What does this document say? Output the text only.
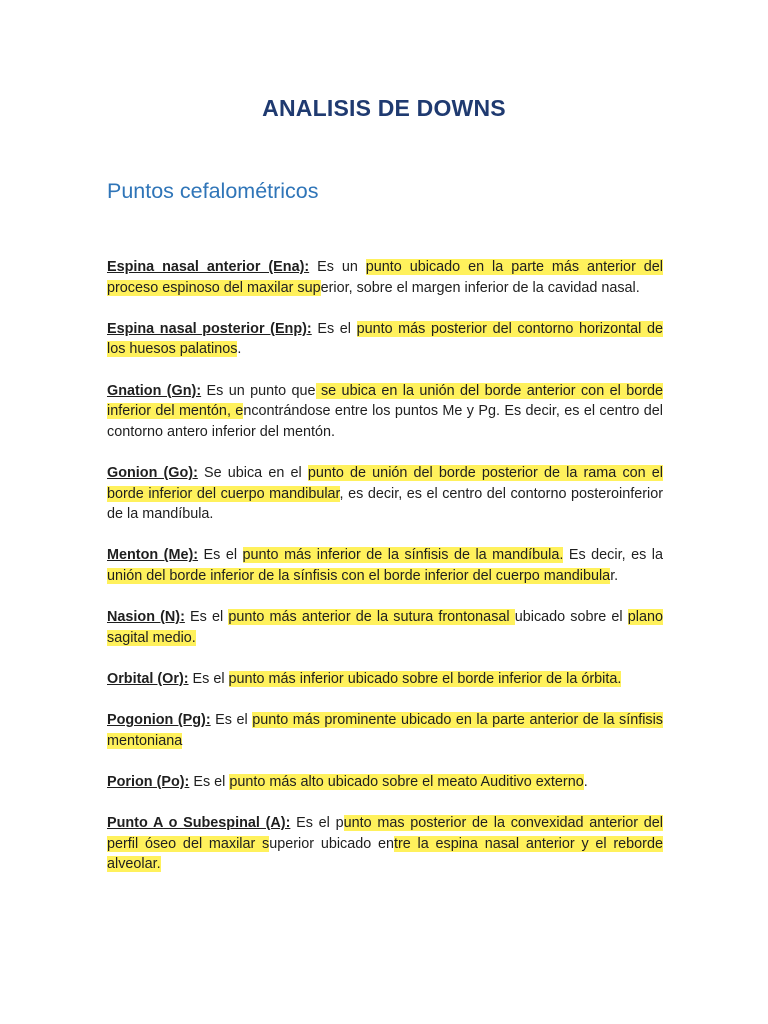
ANALISIS DE DOWNS
Puntos cefalométricos

Espina nasal anterior (Ena): Es un punto ubicado en la parte más anterior del proceso espinoso del maxilar superior, sobre el margen inferior de la cavidad nasal.

Espina nasal posterior (Enp): Es el punto más posterior del contorno horizontal de los huesos palatinos.

Gnation (Gn): Es un punto que se ubica en la unión del borde anterior con el borde inferior del mentón, encontrándose entre los puntos Me y Pg. Es decir, es el centro del contorno antero inferior del mentón.

Gonion (Go): Se ubica en el punto de unión del borde posterior de la rama con el borde inferior del cuerpo mandibular, es decir, es el centro del contorno posteroinferior de la mandíbula.

Menton (Me): Es el punto más inferior de la sínfisis de la mandíbula. Es decir, es la unión del borde inferior de la sínfisis con el borde inferior del cuerpo mandibular.

Nasion (N): Es el punto más anterior de la sutura frontonasal ubicado sobre el plano sagital medio.

Orbital (Or): Es el punto más inferior ubicado sobre el borde inferior de la órbita.

Pogonion (Pg): Es el punto más prominente ubicado en la parte anterior de la sínfisis mentoniana

Porion (Po): Es el punto más alto ubicado sobre el meato Auditivo externo.

Punto A o Subespinal (A): Es el punto mas posterior de la convexidad anterior del perfil óseo del maxilar superior ubicado entre la espina nasal anterior y el reborde alveolar.
